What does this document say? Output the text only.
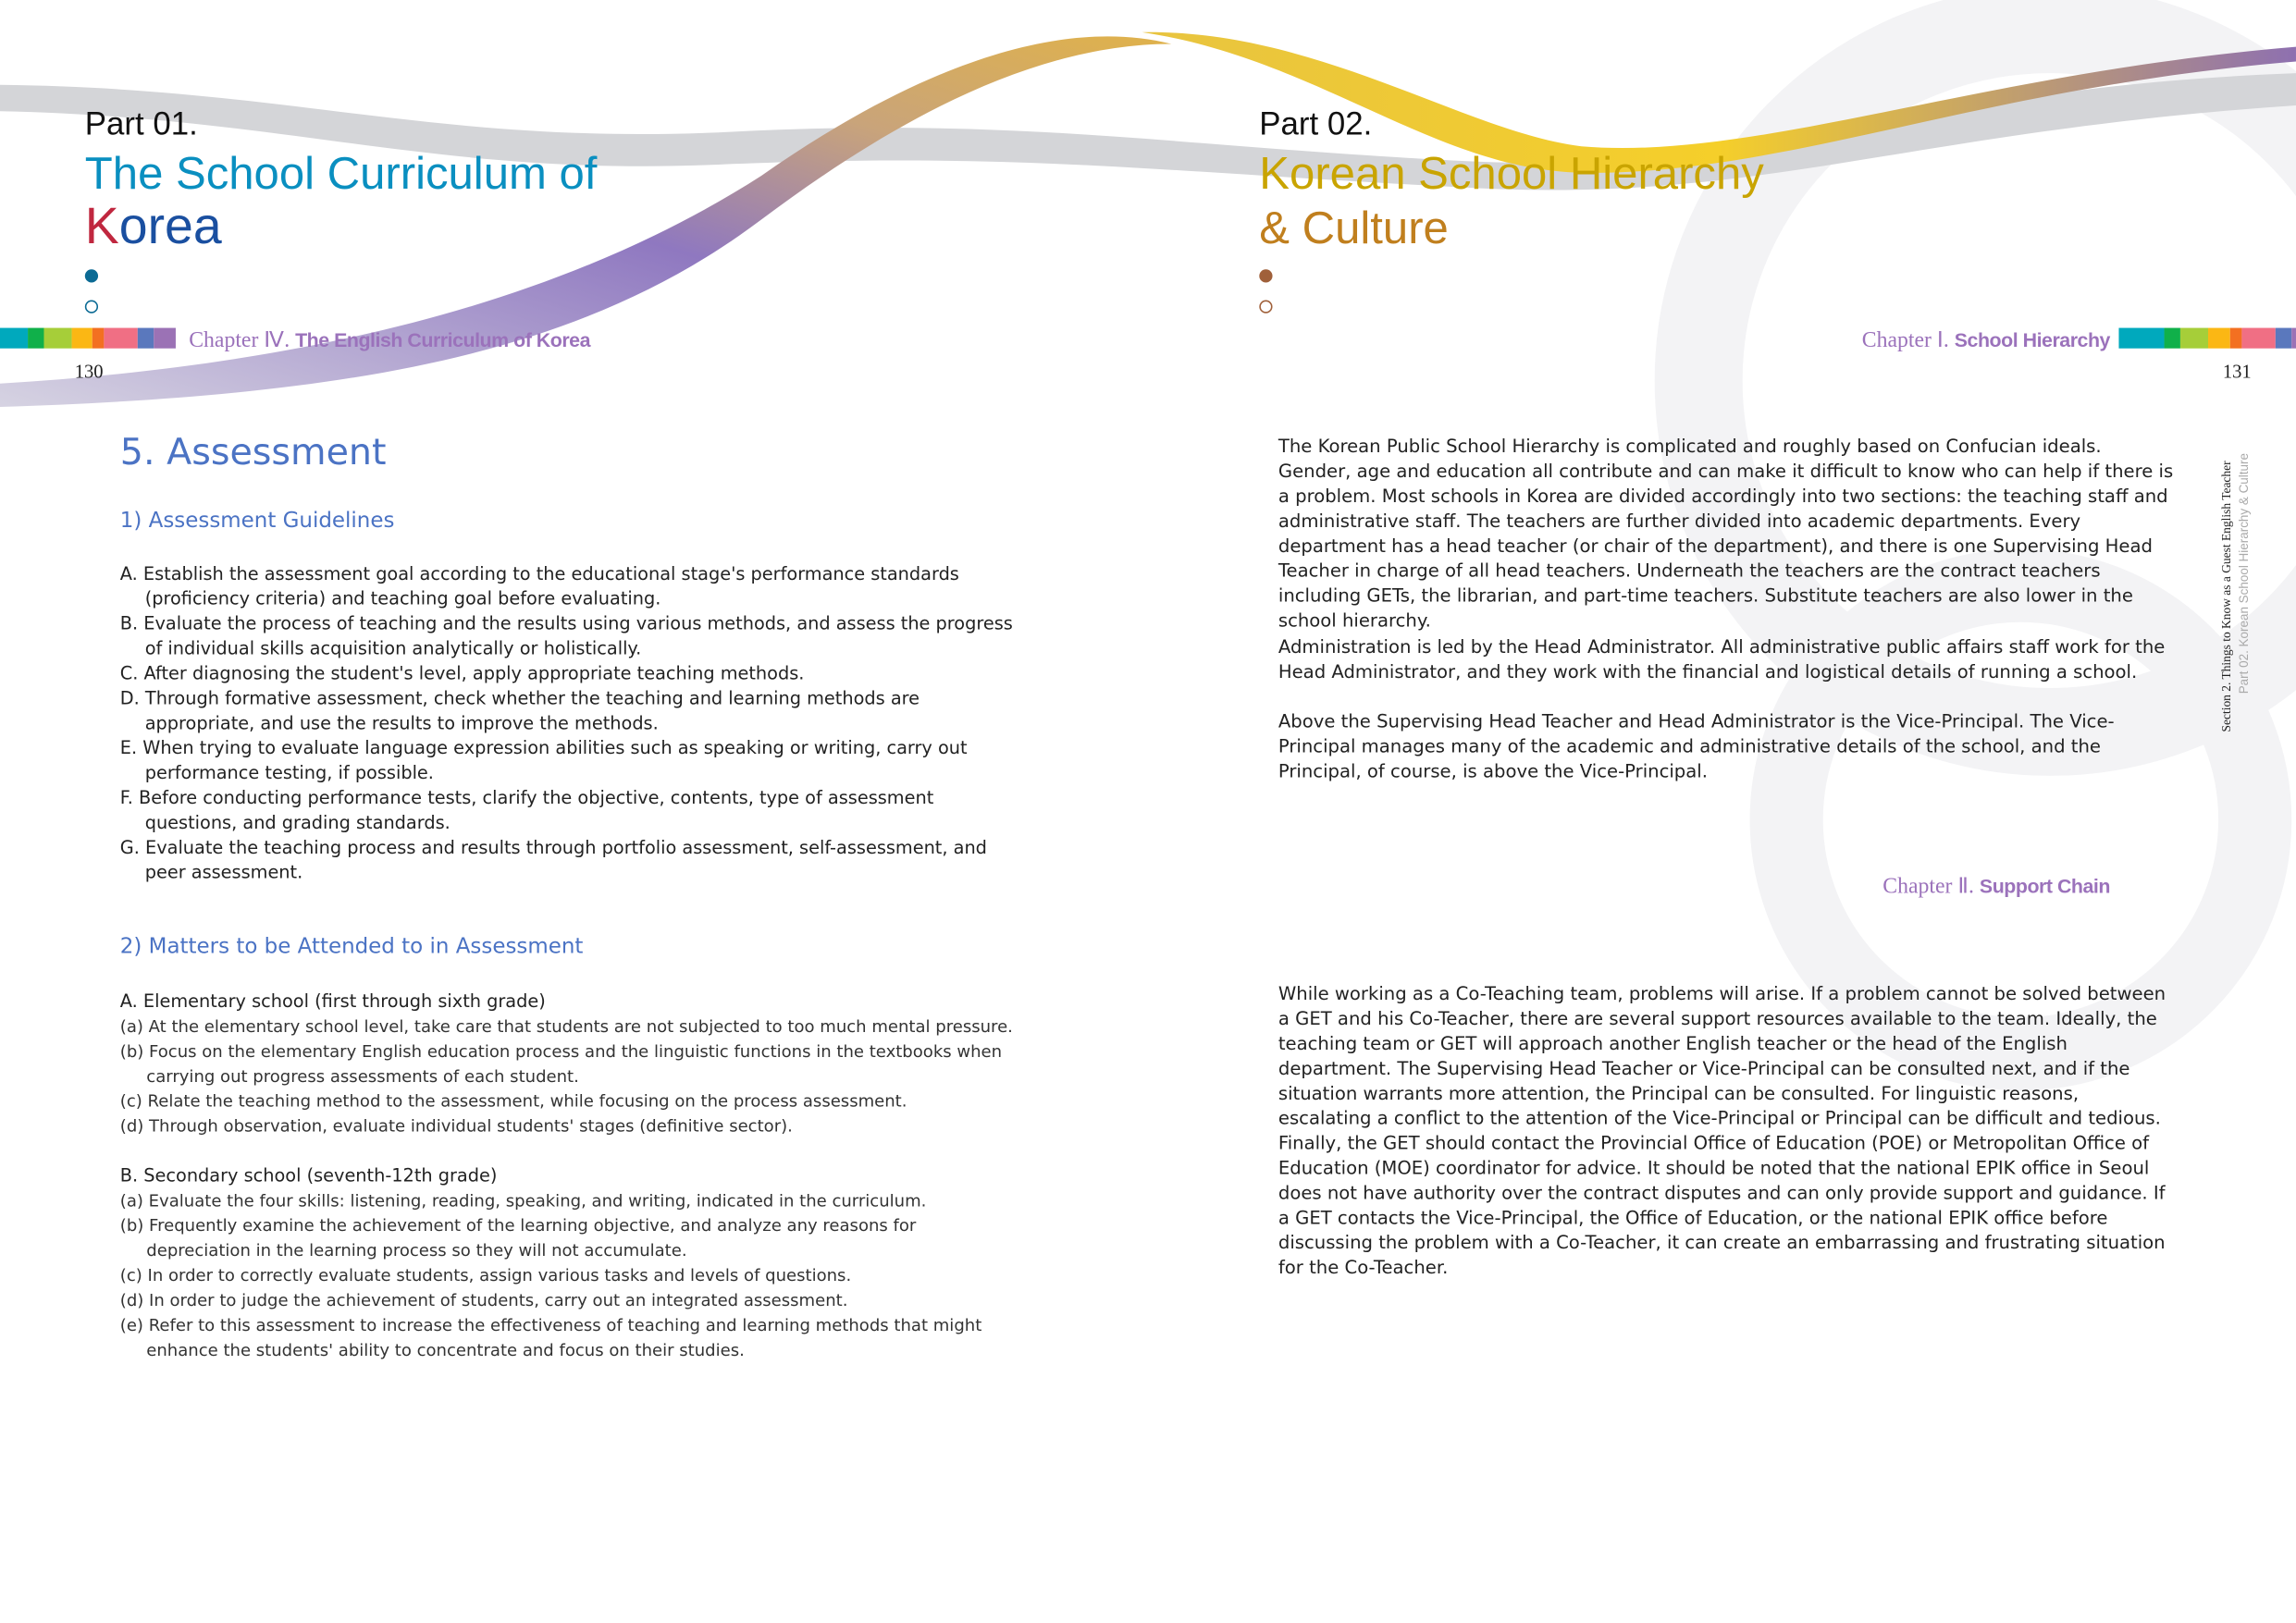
Part 01.
The School Curriculum of
Korea
Chapter Ⅳ. The English Curriculum of Korea
130
5. Assessment
1) Assessment Guidelines
A. Establish the assessment goal according to the educational stage's performance standards (proficiency criteria) and teaching goal before evaluating.
B. Evaluate the process of teaching and the results using various methods, and assess the progress of individual skills acquisition analytically or holistically.
C. After diagnosing the student's level, apply appropriate teaching methods.
D. Through formative assessment, check whether the teaching and learning methods are appropriate, and use the results to improve the methods.
E. When trying to evaluate language expression abilities such as speaking or writing, carry out performance testing, if possible.
F. Before conducting performance tests, clarify the objective, contents, type of assessment questions, and grading standards.
G. Evaluate the teaching process and results through portfolio assessment, self-assessment, and peer assessment.
2) Matters to be Attended to in Assessment
A. Elementary school (first through sixth grade)
(a) At the elementary school level, take care that students are not subjected to too much mental pressure.
(b) Focus on the elementary English education process and the linguistic functions in the textbooks when carrying out progress assessments of each student.
(c) Relate the teaching method to the assessment, while focusing on the process assessment.
(d) Through observation, evaluate individual students' stages (definitive sector).
B. Secondary school (seventh-12th grade)
(a) Evaluate the four skills: listening, reading, speaking, and writing, indicated in the curriculum.
(b) Frequently examine the achievement of the learning objective, and analyze any reasons for depreciation in the learning process so they will not accumulate.
(c) In order to correctly evaluate students, assign various tasks and levels of questions.
(d) In order to judge the achievement of students, carry out an integrated assessment.
(e) Refer to this assessment to increase the effectiveness of teaching and learning methods that might enhance the students' ability to concentrate and focus on their studies.
Part 02.
Korean School Hierarchy
& Culture
Chapter Ⅰ. School Hierarchy
131
Section 2. Things to Know as a Guest English Teacher Part 02. Korean School Hierarchy & Culture
The Korean Public School Hierarchy is complicated and roughly based on Confucian ideals. Gender, age and education all contribute and can make it difficult to know who can help if there is a problem. Most schools in Korea are divided accordingly into two sections: the teaching staff and administrative staff. The teachers are further divided into academic departments. Every department has a head teacher (or chair of the department), and there is one Supervising Head Teacher in charge of all head teachers. Underneath the teachers are the contract teachers including GETs, the librarian, and part-time teachers. Substitute teachers are also lower in the school hierarchy.
Administration is led by the Head Administrator. All administrative public affairs staff work for the Head Administrator, and they work with the financial and logistical details of running a school.
Above the Supervising Head Teacher and Head Administrator is the Vice-Principal. The Vice-Principal manages many of the academic and administrative details of the school, and the Principal, of course, is above the Vice-Principal.
Chapter Ⅱ. Support Chain
While working as a Co-Teaching team, problems will arise. If a problem cannot be solved between a GET and his Co-Teacher, there are several support resources available to the team. Ideally, the teaching team or GET will approach another English teacher or the head of the English department. The Supervising Head Teacher or Vice-Principal can be consulted next, and if the situation warrants more attention, the Principal can be consulted. For linguistic reasons, escalating a conflict to the attention of the Vice-Principal or Principal can be difficult and tedious. Finally, the GET should contact the Provincial Office of Education (POE) or Metropolitan Office of Education (MOE) coordinator for advice. It should be noted that the national EPIK office in Seoul does not have authority over the contract disputes and can only provide support and guidance. If a GET contacts the Vice-Principal, the Office of Education, or the national EPIK office before discussing the problem with a Co-Teacher, it can create an embarrassing and frustrating situation for the Co-Teacher.
